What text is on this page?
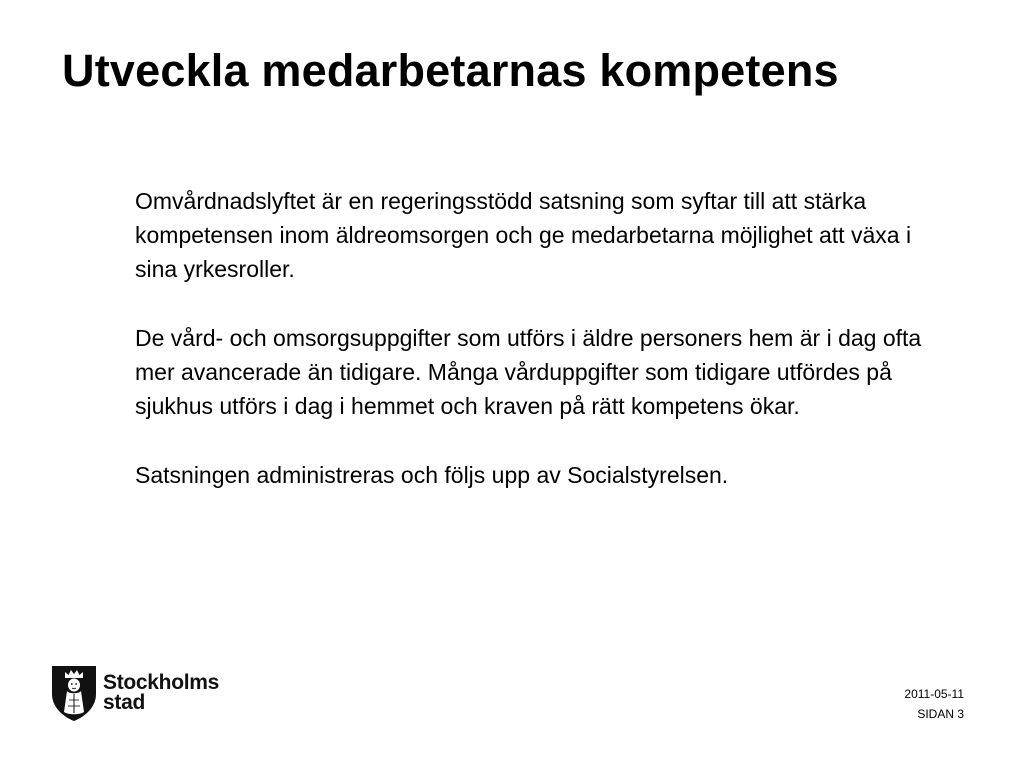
Utveckla medarbetarnas kompetens

Omvårdnadslyftet är en regeringsstödd satsning som syftar till att stärka kompetensen inom äldreomsorgen och ge medarbetarna möjlighet att växa i sina yrkesroller.

De vård- och omsorgsuppgifter som utförs i äldre personers hem är i dag ofta mer avancerade än tidigare. Många vårduppgifter som tidigare utfördes på sjukhus utförs i dag i hemmet och kraven på rätt kompetens ökar.

Satsningen administreras och följs upp av Socialstyrelsen.

Stockholms
stad	2011-05-11
SIDAN 3
